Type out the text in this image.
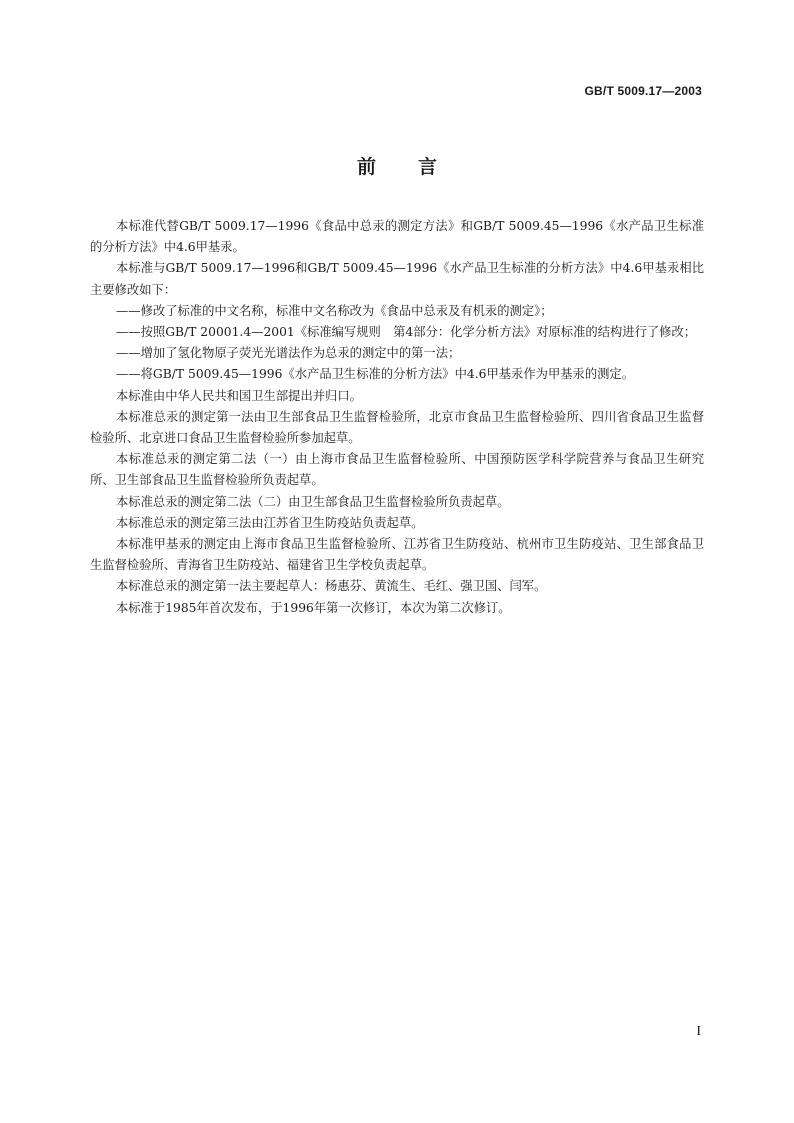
GB/T 5009.17—2003
前言

本标准代替GB/T 5009.17—1996《食品中总汞的测定方法》和GB/T 5009.45—1996《水产品卫生标准的分析方法》中4.6甲基汞。

本标准与GB/T 5009.17—1996和GB/T 5009.45—1996《水产品卫生标准的分析方法》中4.6甲基汞相比主要修改如下：

——修改了标准的中文名称，标准中文名称改为《食品中总汞及有机汞的测定》；

——按照GB/T 20001.4—2001《标准编写规则　第4部分：化学分析方法》对原标准的结构进行了修改；

——增加了氢化物原子荧光光谱法作为总汞的测定中的第一法；

——将GB/T 5009.45—1996《水产品卫生标准的分析方法》中4.6甲基汞作为甲基汞的测定。

本标准由中华人民共和国卫生部提出并归口。

本标准总汞的测定第一法由卫生部食品卫生监督检验所，北京市食品卫生监督检验所、四川省食品卫生监督检验所、北京进口食品卫生监督检验所参加起草。

本标准总汞的测定第二法（一）由上海市食品卫生监督检验所、中国预防医学科学院营养与食品卫生研究所、卫生部食品卫生监督检验所负责起草。

本标准总汞的测定第二法（二）由卫生部食品卫生监督检验所负责起草。

本标准总汞的测定第三法由江苏省卫生防疫站负责起草。

本标准甲基汞的测定由上海市食品卫生监督检验所、江苏省卫生防疫站、杭州市卫生防疫站、卫生部食品卫生监督检验所、青海省卫生防疫站、福建省卫生学校负责起草。

本标准总汞的测定第一法主要起草人：杨惠芬、黄流生、毛红、强卫国、闫军。

本标准于1985年首次发布，于1996年第一次修订，本次为第二次修订。

I
